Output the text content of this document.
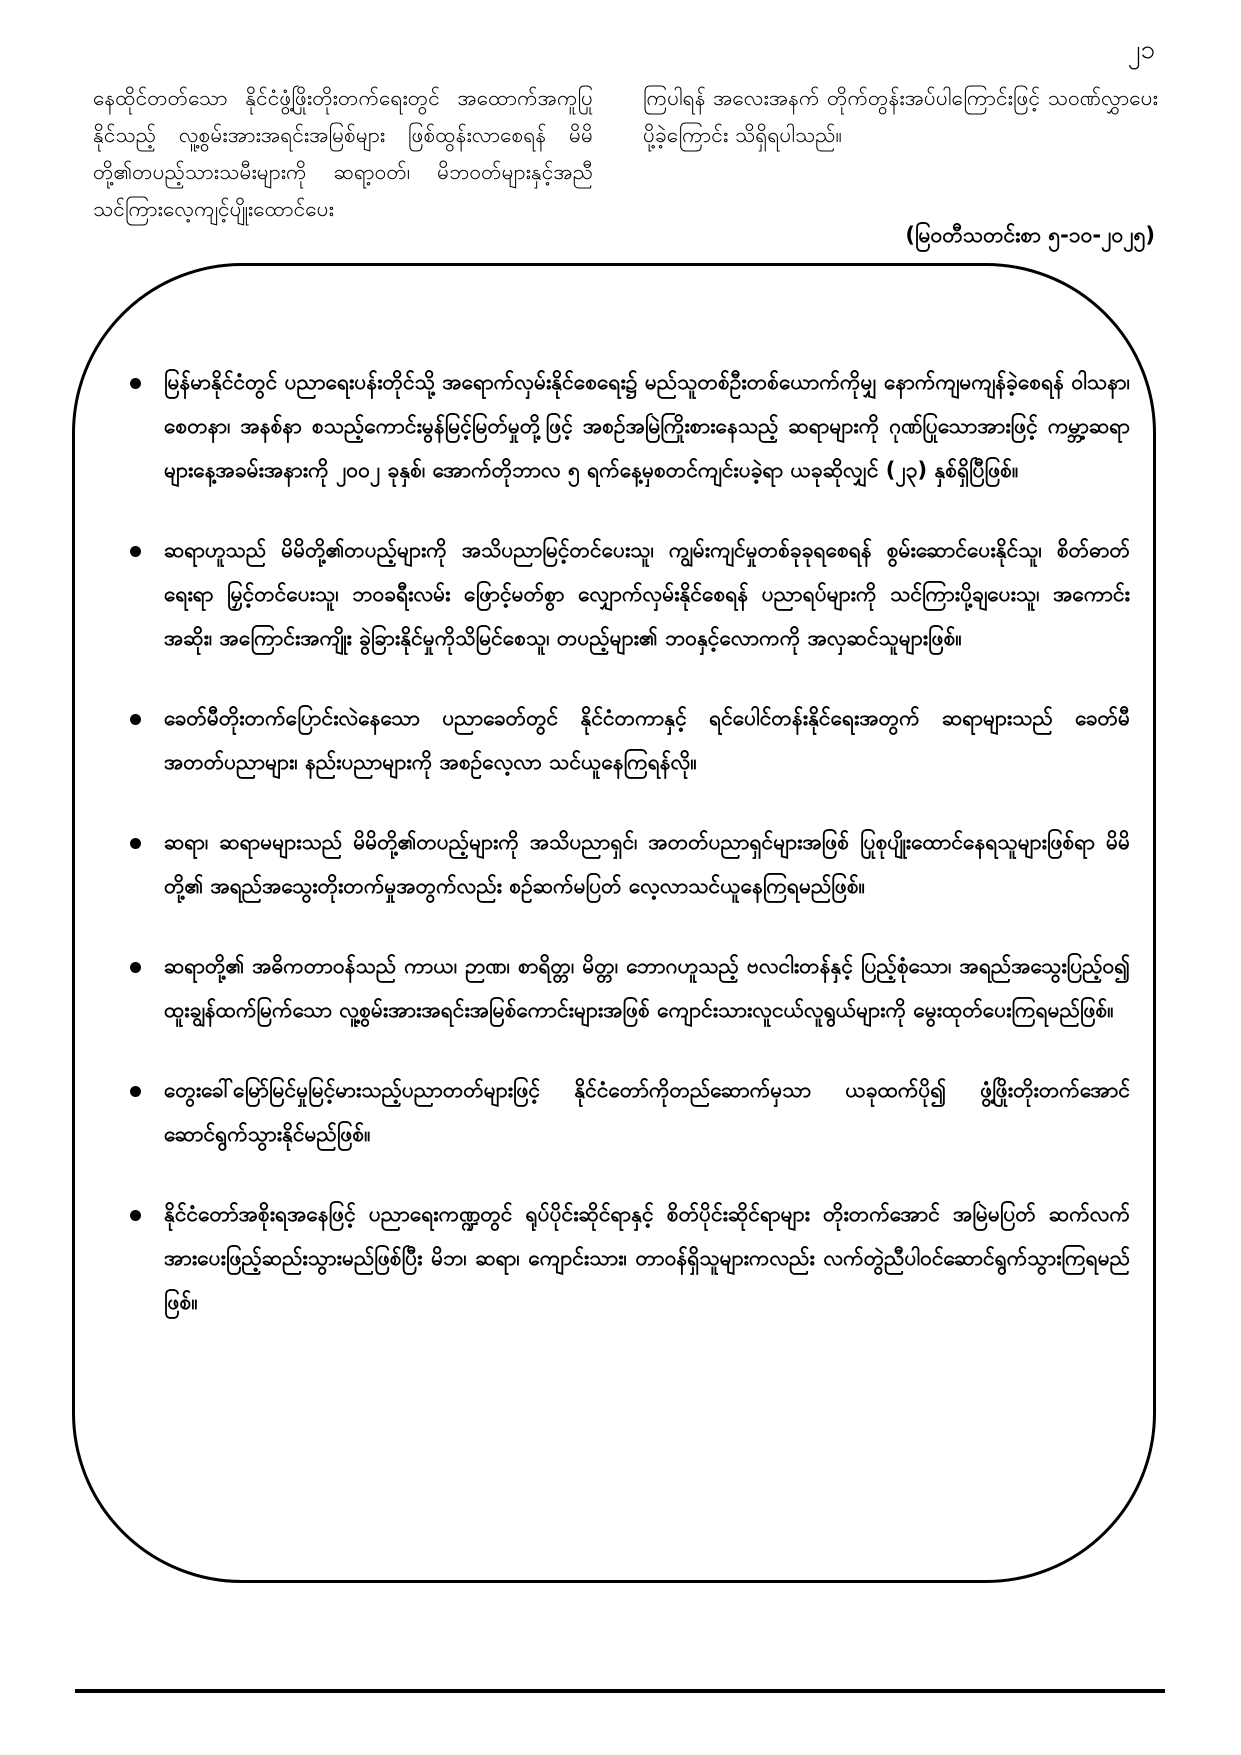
၂၁
နေထိုင်တတ်သော နိုင်ငံဖွံ့ဖြိုးတိုးတက်ရေးတွင် အထောက်အကူပြုနိုင်သည့် လူ့စွမ်းအားအရင်းအမြစ်များ ဖြစ်ထွန်းလာစေရန် မိမိတို့၏တပည့်သားသမီးများကို ဆရာ့ဝတ်၊ မိဘဝတ်များနှင့်အညီ သင်ကြားလေ့ကျင့်ပျိုးထောင်ပေး
ကြပါရန် အလေးအနက် တိုက်တွန်းအပ်ပါကြောင်းဖြင့် သဝဏ်လွှာပေးပို့ခဲ့ကြောင်း သိရှိရပါသည်။
(မြဝတီသတင်းစာ ၅-၁၀-၂၀၂၅)
မြန်မာနိုင်ငံတွင် ပညာရေးပန်းတိုင်သို့ အရောက်လှမ်းနိုင်စေရေး၌ မည်သူတစ်ဦးတစ်ယောက်ကိုမျှ နောက်ကျမကျန်ခဲ့စေရန် ဝါသနာ၊ စေတနာ၊ အနစ်နာ စသည့်ကောင်းမွန်မြင့်မြတ်မှုတို့ဖြင့် အစဉ်အမြဲကြိုးစားနေသည့် ဆရာများကို ဂုဏ်ပြုသောအားဖြင့် ကမ္ဘာ့ဆရာများနေ့အခမ်းအနားကို ၂၀၀၂ ခုနှစ်၊ အောက်တိုဘာလ ၅ ရက်နေ့မှစတင်ကျင်းပခဲ့ရာ ယခုဆိုလျှင် (၂၃) နှစ်ရှိပြီဖြစ်။
ဆရာဟူသည် မိမိတို့၏တပည့်များကို အသိပညာမြင့်တင်ပေးသူ၊ ကျွမ်းကျင်မှုတစ်ခုခုရစေရန် စွမ်းဆောင်ပေးနိုင်သူ၊ စိတ်ဓာတ်ရေးရာ မြှင့်တင်ပေးသူ၊ ဘဝခရီးလမ်း ဖြောင့်မတ်စွာ လျှောက်လှမ်းနိုင်စေရန် ပညာရပ်များကို သင်ကြားပို့ချပေးသူ၊ အကောင်းအဆိုး၊ အကြောင်းအကျိုး ခွဲခြားနိုင်မှုကိုသိမြင်စေသူ၊ တပည့်များ၏ ဘဝနှင့်လောကကို အလှဆင်သူများဖြစ်။
ခေတ်မီတိုးတက်ပြောင်းလဲနေသော ပညာခေတ်တွင် နိုင်ငံတကာနှင့် ရင်ပေါင်တန်းနိုင်ရေးအတွက် ဆရာများသည် ခေတ်မီအတတ်ပညာများ၊ နည်းပညာများကို အစဉ်လေ့လာ သင်ယူနေကြရန်လို။
ဆရာ၊ ဆရာမများသည် မိမိတို့၏တပည့်များကို အသိပညာရှင်၊ အတတ်ပညာရှင်များအဖြစ် ပြုစုပျိုးထောင်နေရသူများဖြစ်ရာ မိမိတို့၏ အရည်အသွေးတိုးတက်မှုအတွက်လည်း စဉ်ဆက်မပြတ် လေ့လာသင်ယူနေကြရမည်ဖြစ်။
ဆရာတို့၏ အဓိကတာဝန်သည် ကာယ၊ ဉာဏ၊ စာရိတ္တ၊ မိတ္တ၊ ဘောဂဟူသည့် ဗလငါးတန်နှင့် ပြည့်စုံသော၊ အရည်အသွေးပြည့်ဝ၍ ထူးချွန်ထက်မြက်သော လူ့စွမ်းအားအရင်းအမြစ်ကောင်းများအဖြစ် ကျောင်းသားလူငယ်လူရွယ်များကို မွေးထုတ်ပေးကြရမည်ဖြစ်။
တွေးခေါ်မြော်မြင်မှုမြင့်မားသည့်ပညာတတ်များဖြင့် နိုင်ငံတော်ကိုတည်ဆောက်မှသာ ယခုထက်ပို၍ ဖွံ့ဖြိုးတိုးတက်အောင် ဆောင်ရွက်သွားနိုင်မည်ဖြစ်။
နိုင်ငံတော်အစိုးရအနေဖြင့် ပညာရေးကဏ္ဍတွင် ရုပ်ပိုင်းဆိုင်ရာနှင့် စိတ်ပိုင်းဆိုင်ရာများ တိုးတက်အောင် အမြဲမပြတ် ဆက်လက်အားပေးဖြည့်ဆည်းသွားမည်ဖြစ်ပြီး မိဘ၊ ဆရာ၊ ကျောင်းသား၊ တာဝန်ရှိသူများကလည်း လက်တွဲညီပါဝင်ဆောင်ရွက်သွားကြရမည်ဖြစ်။
